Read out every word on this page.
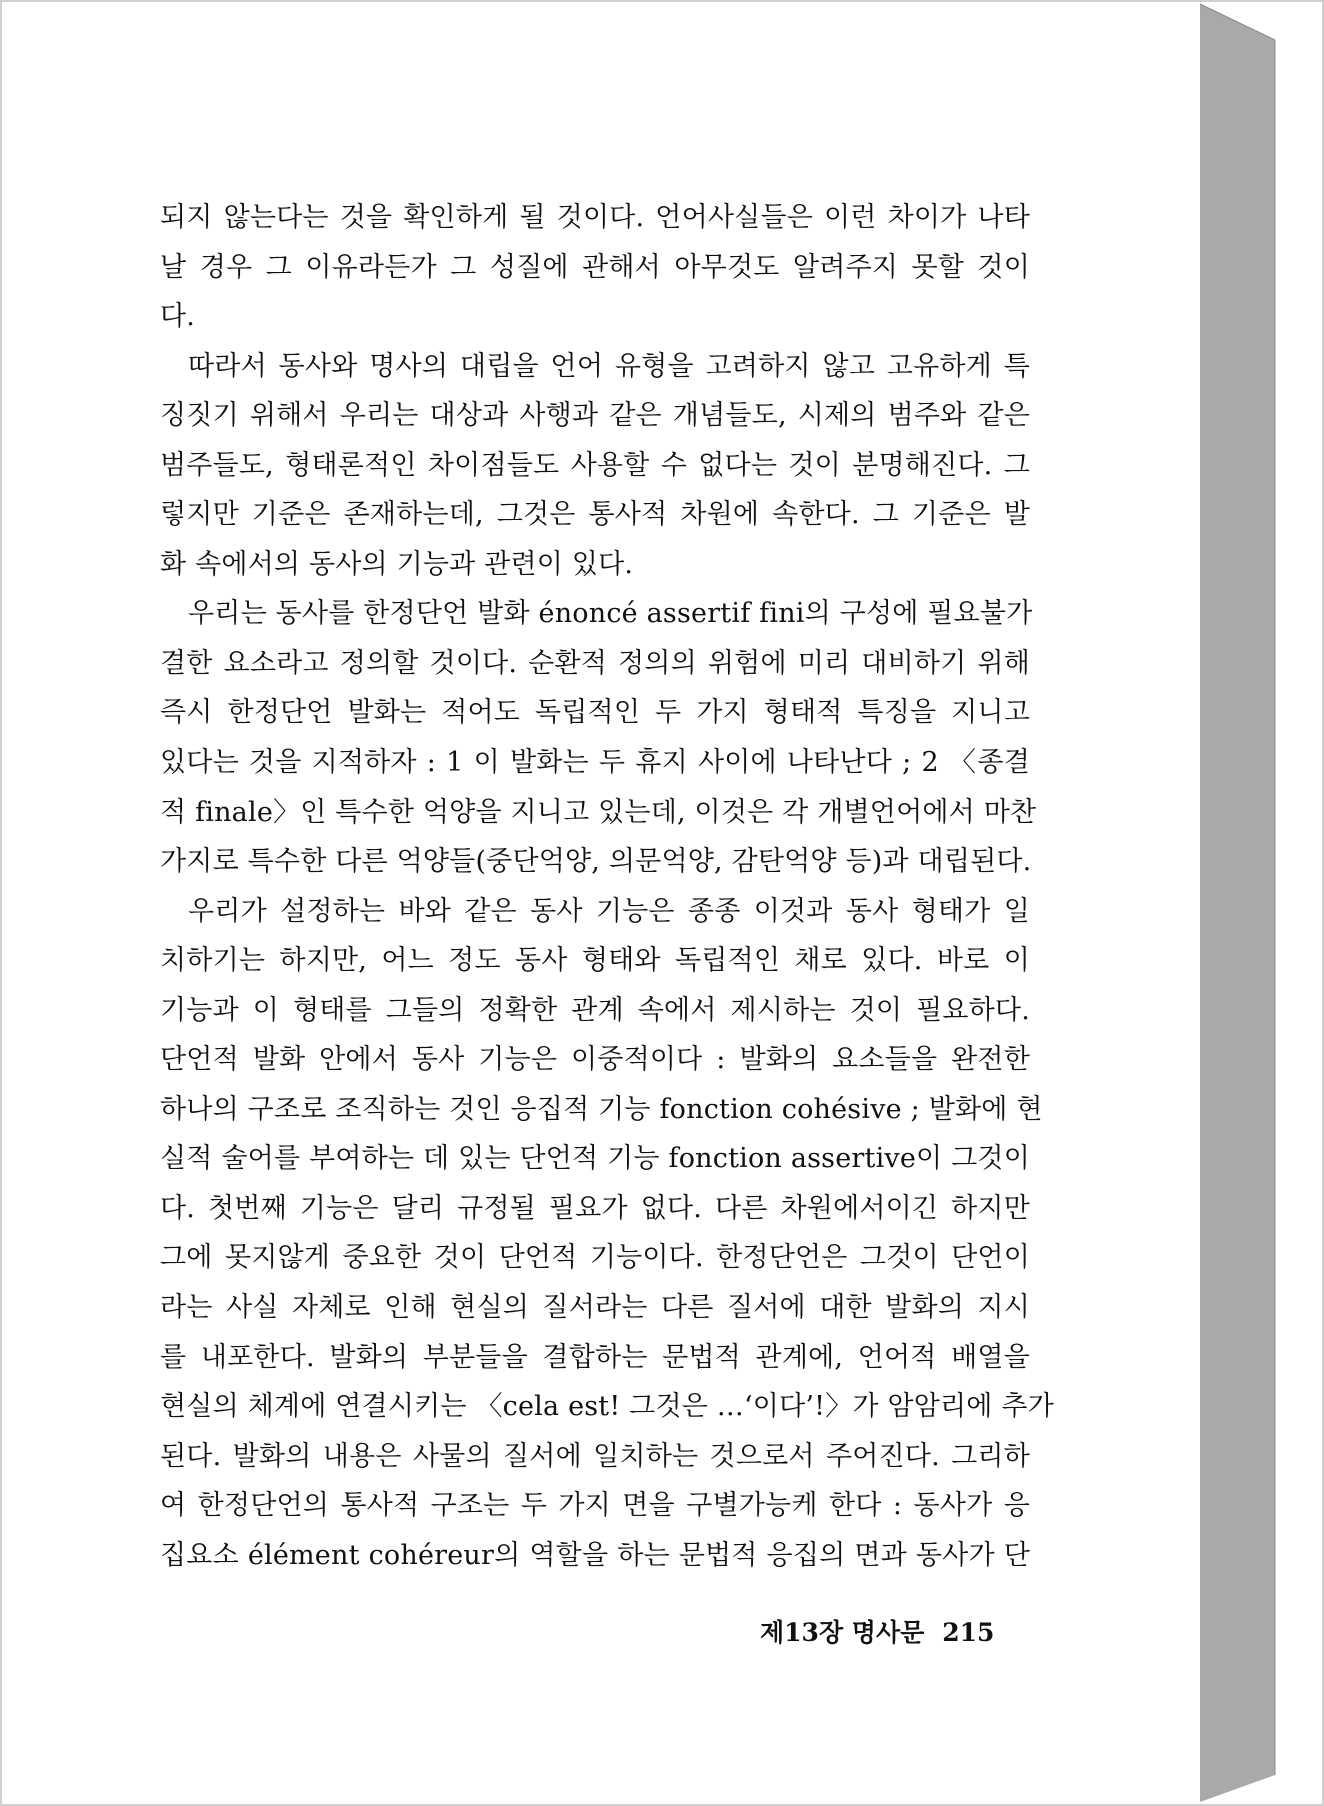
되지 않는다는 것을 확인하게 될 것이다. 언어사실들은 이런 차이가 나타
날 경우 그 이유라든가 그 성질에 관해서 아무것도 알려주지 못할 것이
다.
따라서 동사와 명사의 대립을 언어 유형을 고려하지 않고 고유하게 특
징짓기 위해서 우리는 대상과 사행과 같은 개념들도, 시제의 범주와 같은
범주들도, 형태론적인 차이점들도 사용할 수 없다는 것이 분명해진다. 그
렇지만 기준은 존재하는데, 그것은 통사적 차원에 속한다. 그 기준은 발
화 속에서의 동사의 기능과 관련이 있다.
우리는 동사를 한정단언 발화 énoncé assertif fini의 구성에 필요불가
결한 요소라고 정의할 것이다. 순환적 정의의 위험에 미리 대비하기 위해
즉시 한정단언 발화는 적어도 독립적인 두 가지 형태적 특징을 지니고
있다는 것을 지적하자 : 1 이 발화는 두 휴지 사이에 나타난다 ; 2 〈종결
적 finale〉인 특수한 억양을 지니고 있는데, 이것은 각 개별언어에서 마찬
가지로 특수한 다른 억양들(중단억양, 의문억양, 감탄억양 등)과 대립된다.
우리가 설정하는 바와 같은 동사 기능은 종종 이것과 동사 형태가 일
치하기는 하지만, 어느 정도 동사 형태와 독립적인 채로 있다. 바로 이
기능과 이 형태를 그들의 정확한 관계 속에서 제시하는 것이 필요하다.
단언적 발화 안에서 동사 기능은 이중적이다 : 발화의 요소들을 완전한
하나의 구조로 조직하는 것인 응집적 기능 fonction cohésive ; 발화에 현
실적 술어를 부여하는 데 있는 단언적 기능 fonction assertive이 그것이
다. 첫번째 기능은 달리 규정될 필요가 없다. 다른 차원에서이긴 하지만
그에 못지않게 중요한 것이 단언적 기능이다. 한정단언은 그것이 단언이
라는 사실 자체로 인해 현실의 질서라는 다른 질서에 대한 발화의 지시
를 내포한다. 발화의 부분들을 결합하는 문법적 관계에, 언어적 배열을
현실의 체계에 연결시키는 〈cela est! 그것은 …‘이다’!〉가 암암리에 추가
된다. 발화의 내용은 사물의 질서에 일치하는 것으로서 주어진다. 그리하
여 한정단언의 통사적 구조는 두 가지 면을 구별가능케 한다 : 동사가 응
집요소 élément cohéreur의 역할을 하는 문법적 응집의 면과 동사가 단
제13장 명사문 215
